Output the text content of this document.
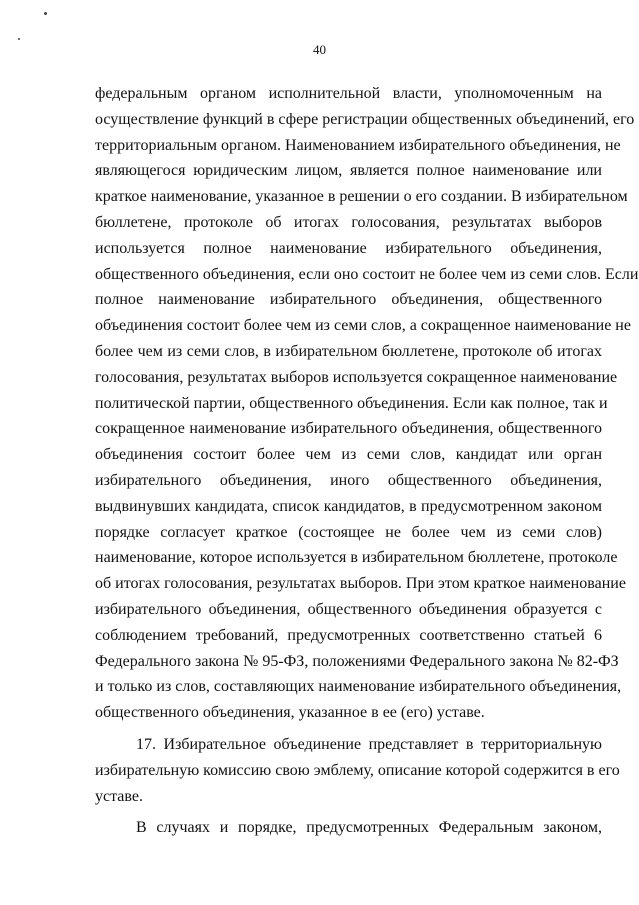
40
федеральным органом исполнительной власти, уполномоченным на
осуществление функций в сфере регистрации общественных объединений, его
территориальным органом. Наименованием избирательного объединения, не
являющегося юридическим лицом, является полное наименование или
краткое наименование, указанное в решении о его создании. В избирательном
бюллетене, протоколе об итогах голосования, результатах выборов
используется полное наименование избирательного объединения,
общественного объединения, если оно состоит не более чем из семи слов. Если
полное наименование избирательного объединения, общественного
объединения состоит более чем из семи слов, а сокращенное наименование не
более чем из семи слов, в избирательном бюллетене, протоколе об итогах
голосования, результатах выборов используется сокращенное наименование
политической партии, общественного объединения. Если как полное, так и
сокращенное наименование избирательного объединения, общественного
объединения состоит более чем из семи слов, кандидат или орган
избирательного объединения, иного общественного объединения,
выдвинувших кандидата, список кандидатов, в предусмотренном законом
порядке согласует краткое (состоящее не более чем из семи слов)
наименование, которое используется в избирательном бюллетене, протоколе
об итогах голосования, результатах выборов. При этом краткое наименование
избирательного объединения, общественного объединения образуется с
соблюдением требований, предусмотренных соответственно статьей 6
Федерального закона № 95-ФЗ, положениями Федерального закона № 82-ФЗ
и только из слов, составляющих наименование избирательного объединения,
общественного объединения, указанное в ее (его) уставе.
17. Избирательное объединение представляет в территориальную
избирательную комиссию свою эмблему, описание которой содержится в его
уставе.
В случаях и порядке, предусмотренных Федеральным законом,
